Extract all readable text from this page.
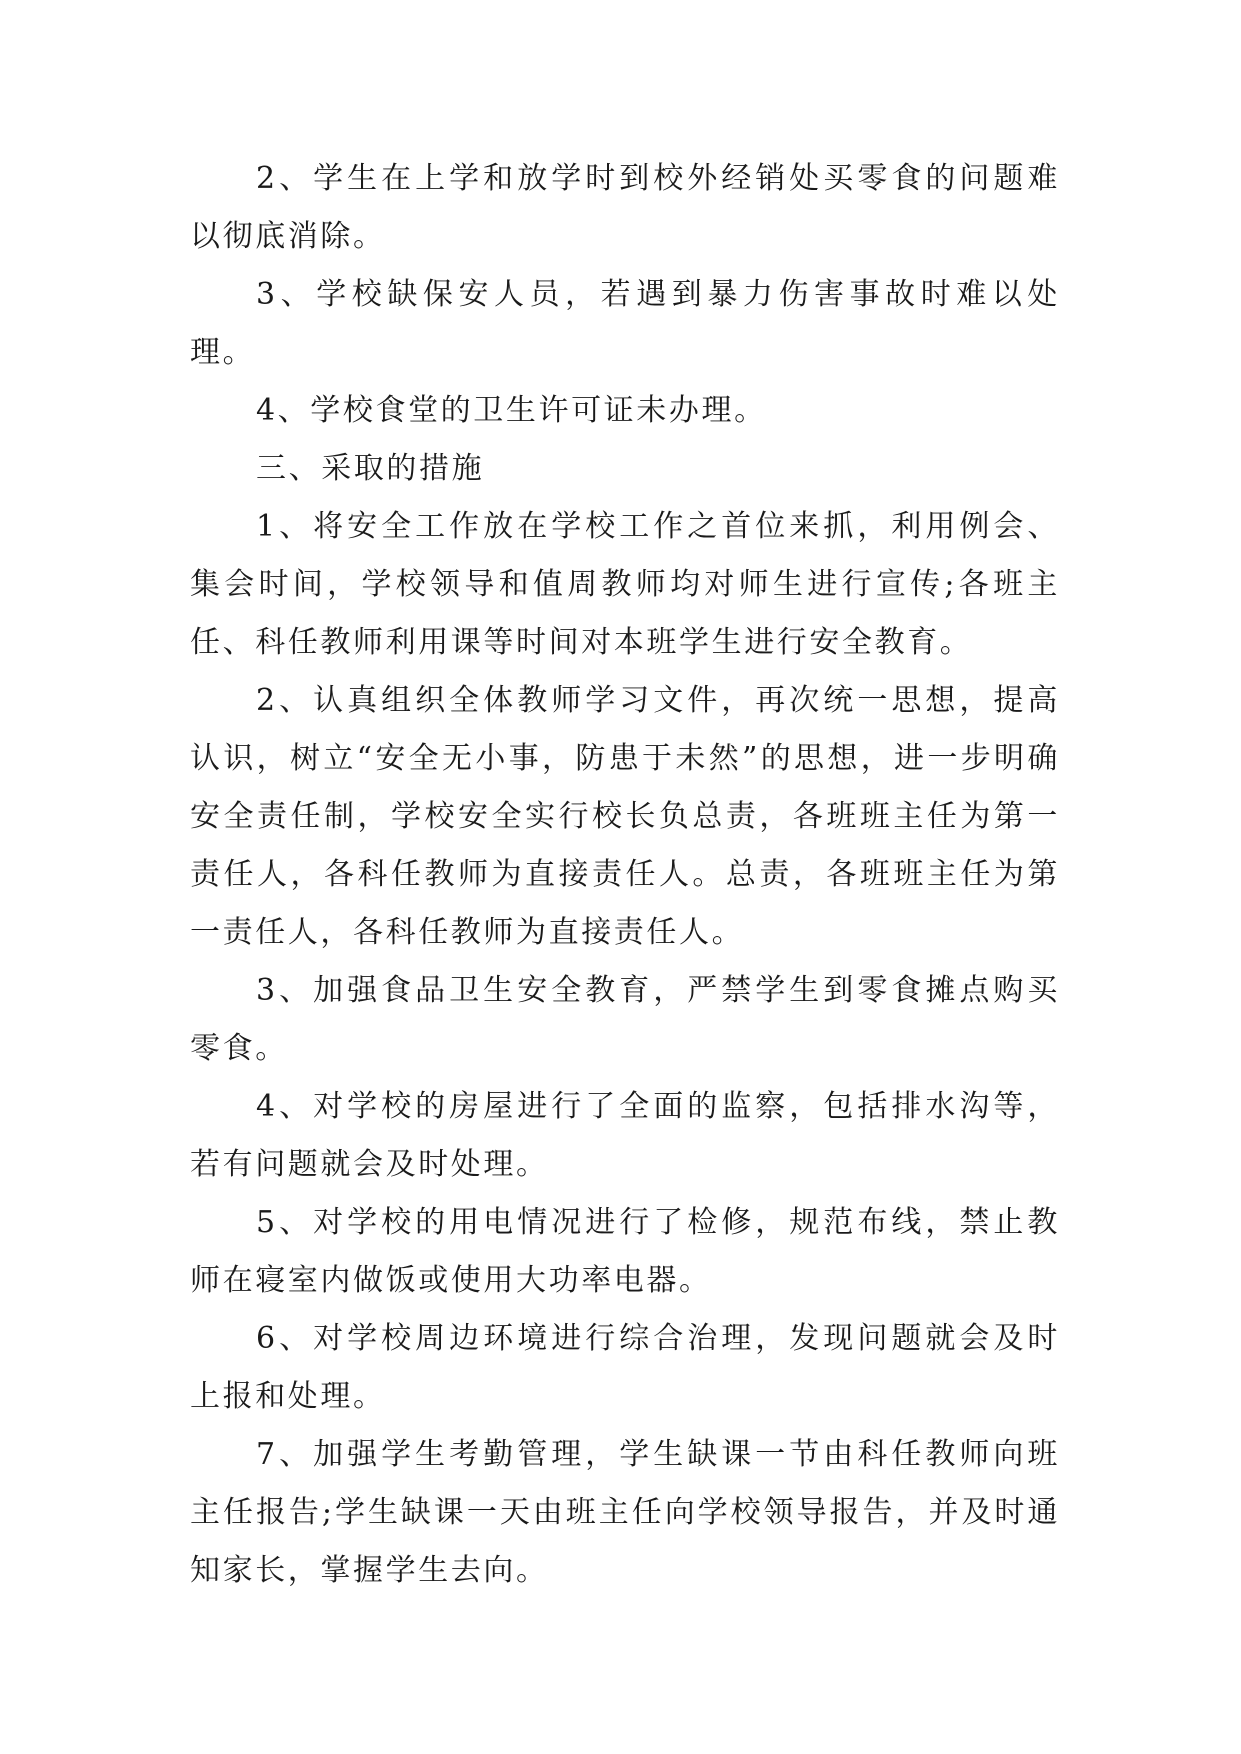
2、学生在上学和放学时到校外经销处买零食的问题难以彻底消除。

3、学校缺保安人员，若遇到暴力伤害事故时难以处理。

4、学校食堂的卫生许可证未办理。

三、采取的措施

1、将安全工作放在学校工作之首位来抓，利用例会、集会时间，学校领导和值周教师均对师生进行宣传;各班主任、科任教师利用课等时间对本班学生进行安全教育。

2、认真组织全体教师学习文件，再次统一思想，提高认识，树立“安全无小事，防患于未然”的思想，进一步明确安全责任制，学校安全实行校长负总责，各班班主任为第一责任人，各科任教师为直接责任人。总责，各班班主任为第一责任人，各科任教师为直接责任人。

3、加强食品卫生安全教育，严禁学生到零食摊点购买零食。

4、对学校的房屋进行了全面的监察，包括排水沟等，若有问题就会及时处理。

5、对学校的用电情况进行了检修，规范布线，禁止教师在寝室内做饭或使用大功率电器。

6、对学校周边环境进行综合治理，发现问题就会及时上报和处理。

7、加强学生考勤管理，学生缺课一节由科任教师向班主任报告;学生缺课一天由班主任向学校领导报告，并及时通知家长，掌握学生去向。
